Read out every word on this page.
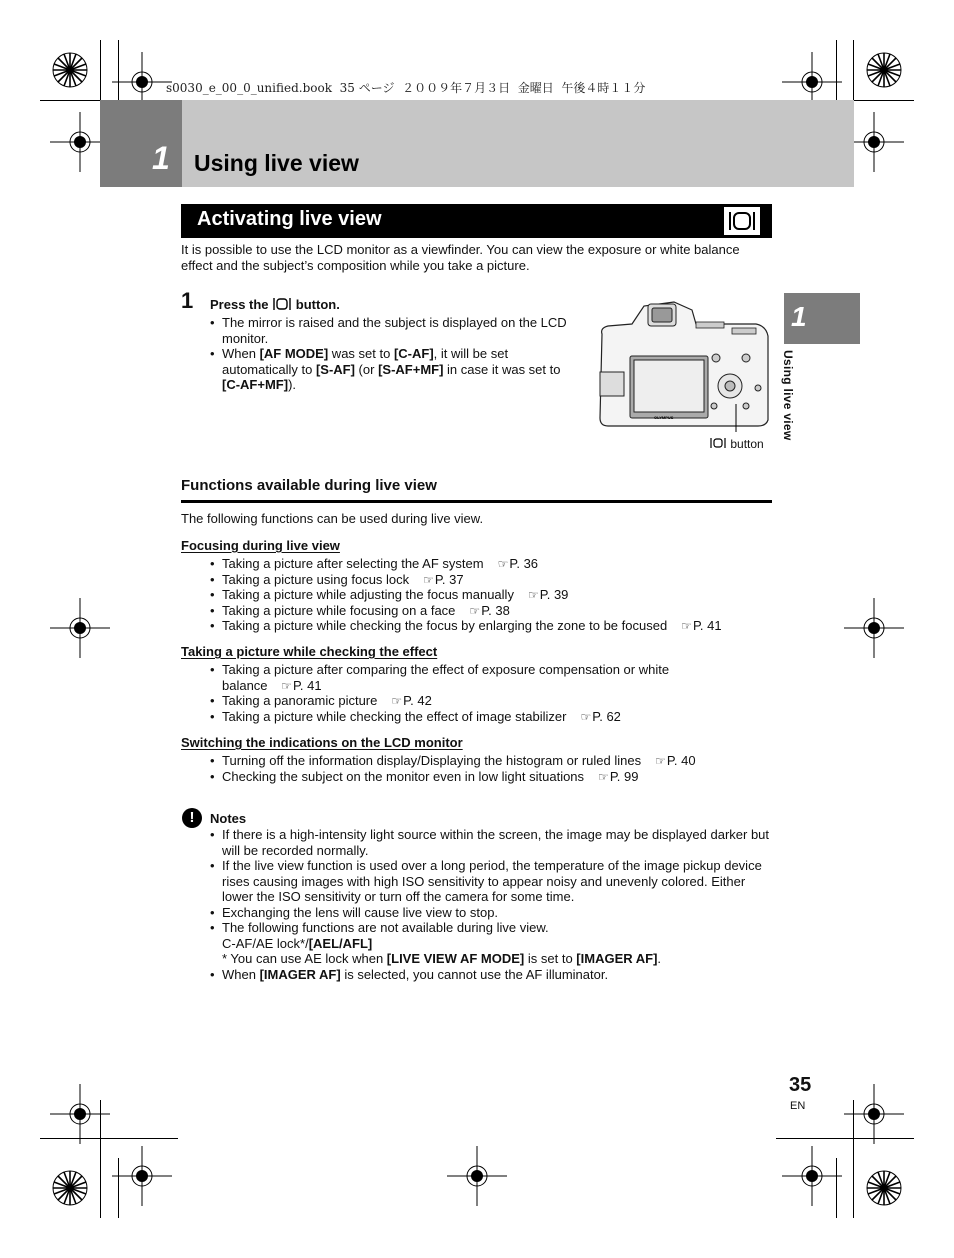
s0030_e_00_0_unified.book  35 ページ  ２００９年７月３日  金曜日  午後４時１１分
1 Using live view
Activating live view
It is possible to use the LCD monitor as a viewfinder. You can view the exposure or white balance effect and the subject’s composition while you take a picture.
1 Press the button.
• The mirror is raised and the subject is displayed on the LCD monitor.
• When [AF MODE] was set to [C-AF], it will be set automatically to [S-AF] (or [S-AF+MF] in case it was set to [C-AF+MF]).
OLYMPUS
button
Functions available during live view
The following functions can be used during live view.
Focusing during live view
• Taking a picture after selecting the AF system ☞P. 36
• Taking a picture using focus lock ☞P. 37
• Taking a picture while adjusting the focus manually ☞P. 39
• Taking a picture while focusing on a face ☞P. 38
• Taking a picture while checking the focus by enlarging the zone to be focused ☞P. 41
Taking a picture while checking the effect
• Taking a picture after comparing the effect of exposure compensation or white
balance ☞P. 41
• Taking a panoramic picture ☞P. 42
• Taking a picture while checking the effect of image stabilizer ☞P. 62
Switching the indications on the LCD monitor
• Turning off the information display/Displaying the histogram or ruled lines ☞P. 40
• Checking the subject on the monitor even in low light situations ☞P. 99
!	Notes
• If there is a high-intensity light source within the screen, the image may be displayed darker but will be recorded normally.
• If the live view function is used over a long period, the temperature of the image pickup device rises causing images with high ISO sensitivity to appear noisy and unevenly colored. Either lower the ISO sensitivity or turn off the camera for some time.
• Exchanging the lens will cause live view to stop.
• The following functions are not available during live view.
C-AF/AE lock*/[AEL/AFL]
* You can use AE lock when [LIVE VIEW AF MODE] is set to [IMAGER AF].
• When [IMAGER AF] is selected, you cannot use the AF illuminator.
1
Using live view
35
EN
